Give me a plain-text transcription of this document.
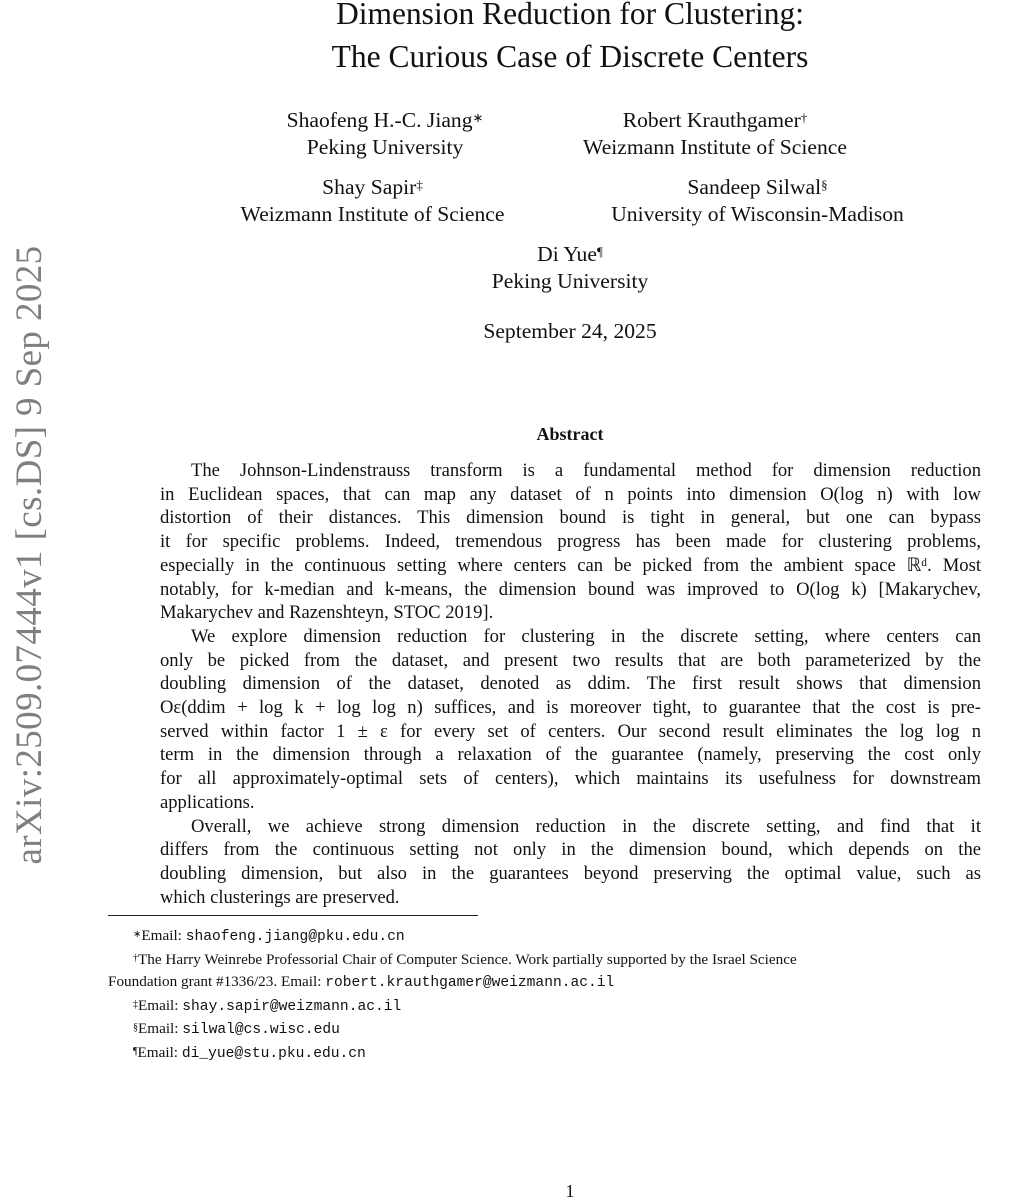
arXiv:2509.07444v1 [cs.DS] 9 Sep 2025
Dimension Reduction for Clustering:
The Curious Case of Discrete Centers
Shaofeng H.-C. Jiang∗
Peking University
Robert Krauthgamer†
Weizmann Institute of Science
Shay Sapir‡
Weizmann Institute of Science
Sandeep Silwal§
University of Wisconsin-Madison
Di Yue¶
Peking University
September 24, 2025
Abstract
The Johnson-Lindenstrauss transform is a fundamental method for dimension reduction
in Euclidean spaces, that can map any dataset of n points into dimension O(log n) with low
distortion of their distances. This dimension bound is tight in general, but one can bypass
it for specific problems. Indeed, tremendous progress has been made for clustering problems,
especially in the continuous setting where centers can be picked from the ambient space ℝᵈ. Most
notably, for k-median and k-means, the dimension bound was improved to O(log k) [Makarychev,
Makarychev and Razenshteyn, STOC 2019].
We explore dimension reduction for clustering in the discrete setting, where centers can
only be picked from the dataset, and present two results that are both parameterized by the
doubling dimension of the dataset, denoted as ddim. The first result shows that dimension
Oε(ddim + log k + log log n) suffices, and is moreover tight, to guarantee that the cost is pre-
served within factor 1 ± ε for every set of centers. Our second result eliminates the log log n
term in the dimension through a relaxation of the guarantee (namely, preserving the cost only
for all approximately-optimal sets of centers), which maintains its usefulness for downstream
applications.
Overall, we achieve strong dimension reduction in the discrete setting, and find that it
differs from the continuous setting not only in the dimension bound, which depends on the
doubling dimension, but also in the guarantees beyond preserving the optimal value, such as
which clusterings are preserved.
∗Email: shaofeng.jiang@pku.edu.cn
†The Harry Weinrebe Professorial Chair of Computer Science. Work partially supported by the Israel Science
Foundation grant #1336/23. Email: robert.krauthgamer@weizmann.ac.il
‡Email: shay.sapir@weizmann.ac.il
§Email: silwal@cs.wisc.edu
¶Email: di_yue@stu.pku.edu.cn
1
